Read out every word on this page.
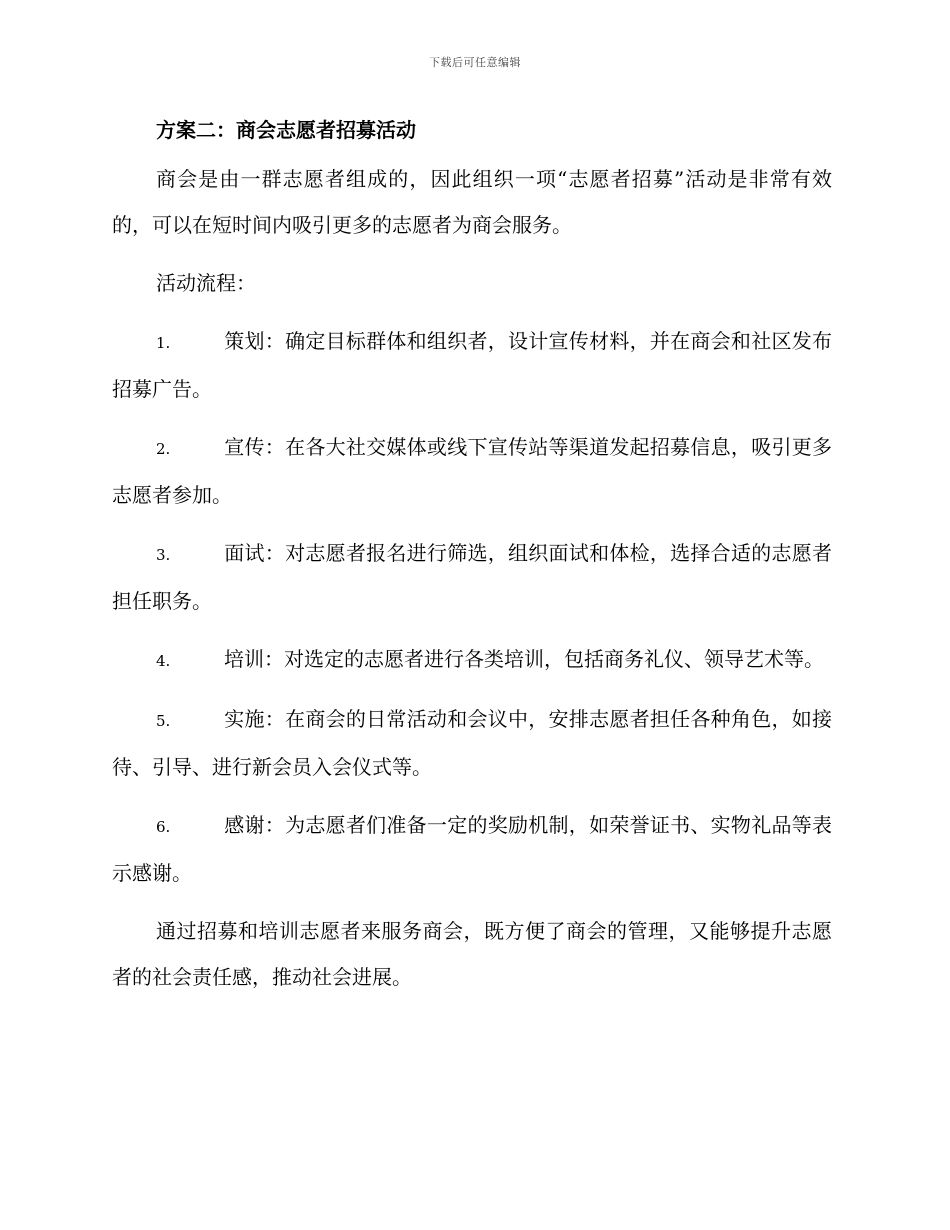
下载后可任意编辑
方案二：商会志愿者招募活动

商会是由一群志愿者组成的，因此组织一项“志愿者招募”活动是非常有效的，可以在短时间内吸引更多的志愿者为商会服务。

活动流程：

1.	策划：确定目标群体和组织者，设计宣传材料，并在商会和社区发布招募广告。

2.	宣传：在各大社交媒体或线下宣传站等渠道发起招募信息，吸引更多志愿者参加。

3.	面试：对志愿者报名进行筛选，组织面试和体检，选择合适的志愿者担任职务。

4.	培训：对选定的志愿者进行各类培训，包括商务礼仪、领导艺术等。

5.	实施：在商会的日常活动和会议中，安排志愿者担任各种角色，如接待、引导、进行新会员入会仪式等。

6.	感谢：为志愿者们准备一定的奖励机制，如荣誉证书、实物礼品等表示感谢。

通过招募和培训志愿者来服务商会，既方便了商会的管理，又能够提升志愿者的社会责任感，推动社会进展。
